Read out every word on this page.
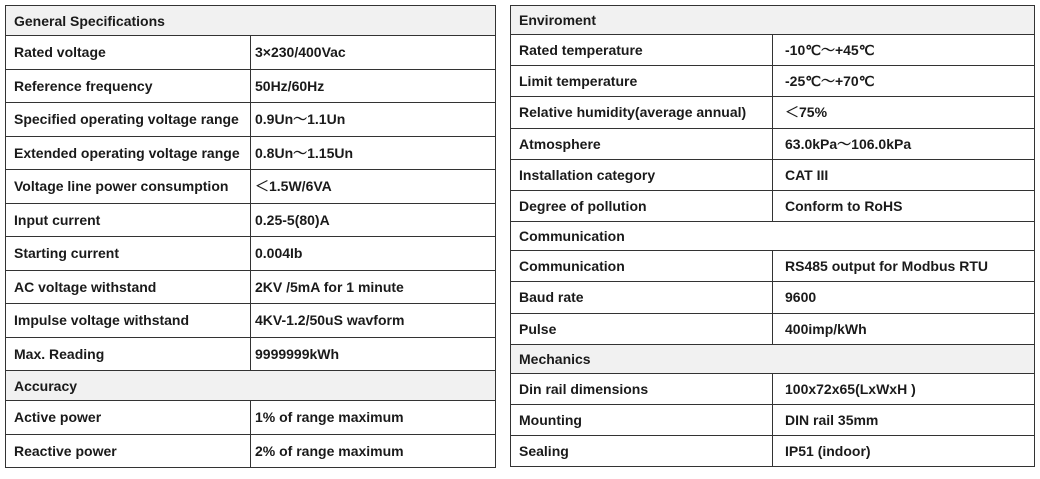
General Specifications	
Rated voltage	3×230/400Vac
Reference frequency	50Hz/60Hz
Specified operating voltage range	0.9Un～1.1Un
Extended operating voltage range	0.8Un～1.15Un
Voltage line power consumption	＜1.5W/6VA
Input current	0.25-5(80)A
Starting current	0.004Ib
AC voltage withstand	2KV /5mA for 1 minute
Impulse voltage withstand	4KV-1.2/50uS wavform
Max. Reading	9999999kWh
Accuracy	
Active power	1% of range maximum
Reactive power	2% of range maximum
Enviroment	
Rated temperature	-10℃～+45℃
Limit temperature	-25℃～+70℃
Relative humidity(average annual)	＜75%
Atmosphere	63.0kPa～106.0kPa
Installation category	CAT III
Degree of pollution	Conform to RoHS
Communication	
Communication	RS485 output for Modbus RTU
Baud rate	9600
Pulse	400imp/kWh
Mechanics	
Din rail dimensions	100x72x65(LxWxH )
Mounting	DIN rail 35mm
Sealing	IP51 (indoor)
